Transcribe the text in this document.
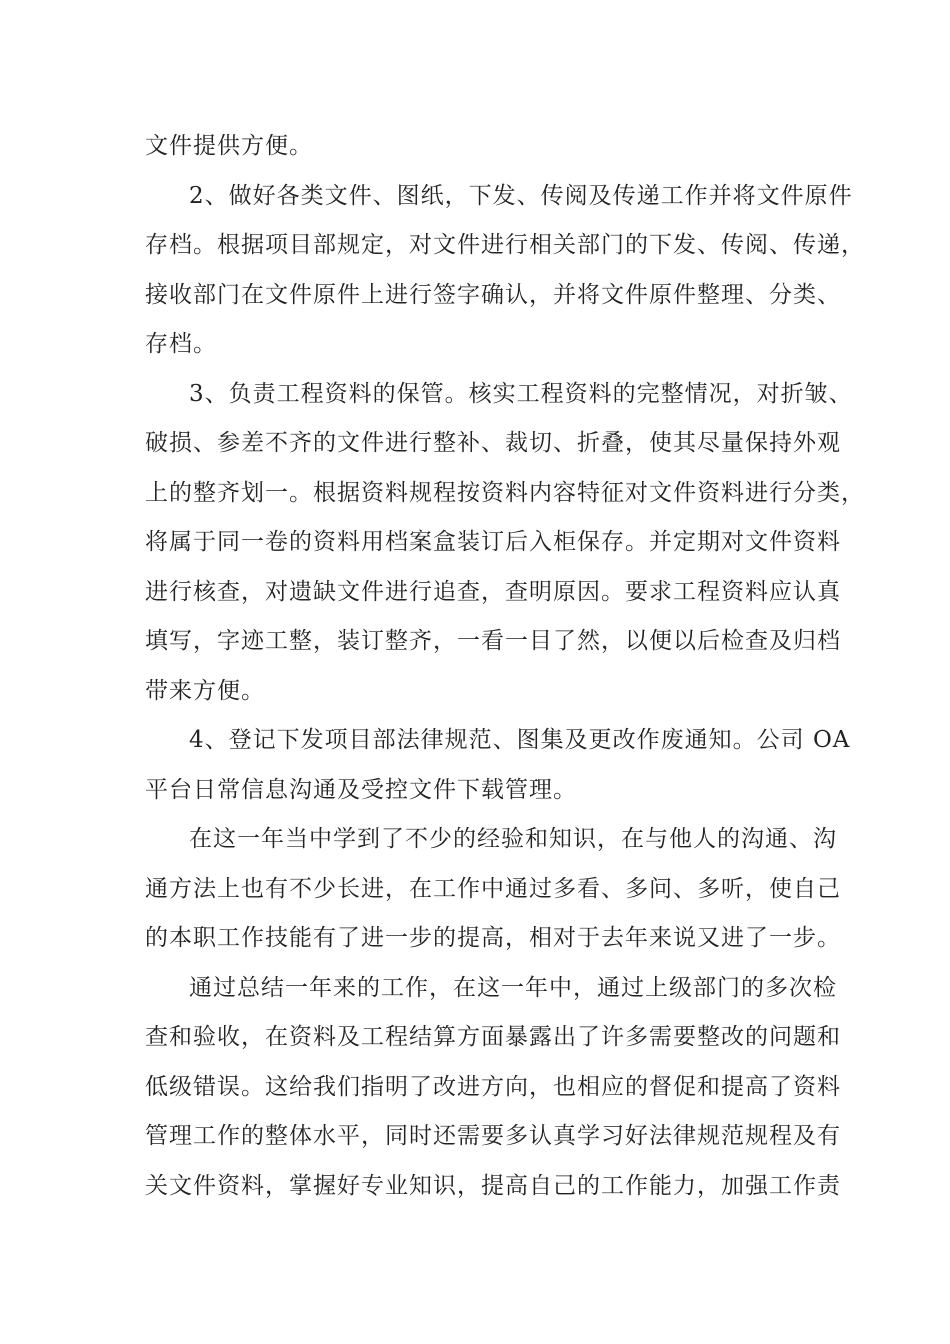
文件提供方便。
2、做好各类文件、图纸，下发、传阅及传递工作并将文件原件
存档。根据项目部规定，对文件进行相关部门的下发、传阅、传递，
接收部门在文件原件上进行签字确认，并将文件原件整理、分类、
存档。
3、负责工程资料的保管。核实工程资料的完整情况，对折皱、
破损、参差不齐的文件进行整补、裁切、折叠，使其尽量保持外观
上的整齐划一。根据资料规程按资料内容特征对文件资料进行分类，
将属于同一卷的资料用档案盒装订后入柜保存。并定期对文件资料
进行核查，对遗缺文件进行追查，查明原因。要求工程资料应认真
填写，字迹工整，装订整齐，一看一目了然，以便以后检查及归档
带来方便。
4、登记下发项目部法律规范、图集及更改作废通知。公司 OA
平台日常信息沟通及受控文件下载管理。
在这一年当中学到了不少的经验和知识，在与他人的沟通、沟
通方法上也有不少长进，在工作中通过多看、多问、多听，使自己
的本职工作技能有了进一步的提高，相对于去年来说又进了一步。
通过总结一年来的工作，在这一年中，通过上级部门的多次检
查和验收，在资料及工程结算方面暴露出了许多需要整改的问题和
低级错误。这给我们指明了改进方向，也相应的督促和提高了资料
管理工作的整体水平，同时还需要多认真学习好法律规范规程及有
关文件资料，掌握好专业知识，提高自己的工作能力，加强工作责
